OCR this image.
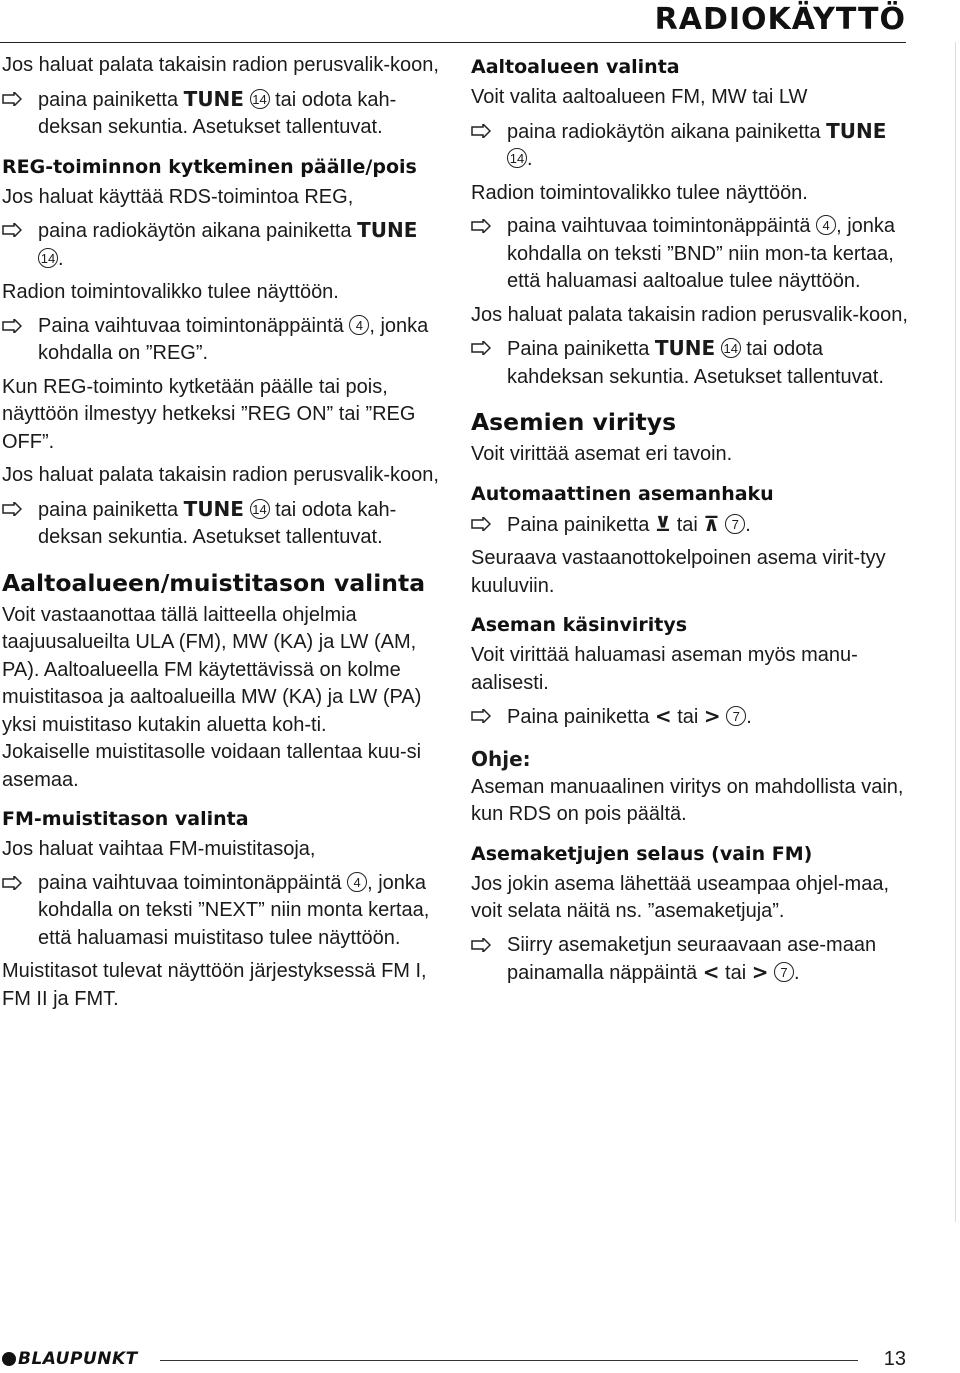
RADIOKÄYTTÖ

Jos haluat palata takaisin radion perusvalik-koon,

paina painiketta TUNE 14 tai odota kah-deksan sekuntia. Asetukset tallentuvat.
REG-toiminnon kytkeminen päälle/pois

Jos haluat käyttää RDS-toimintoa REG,

paina radiokäytön aikana painiketta TUNE 14 .

Radion toimintovalikko tulee näyttöön.

Paina vaihtuvaa toimintonäppäintä 4 , jonka kohdalla on ”REG”.

Kun REG-toiminto kytketään päälle tai pois, näyttöön ilmestyy hetkeksi ”REG ON” tai ”REG OFF”.

Jos haluat palata takaisin radion perusvalik-koon,

paina painiketta TUNE 14 tai odota kah-deksan sekuntia. Asetukset tallentuvat.
Aaltoalueen/muistitason valinta

Voit vastaanottaa tällä laitteella ohjelmia taajuusalueilta ULA (FM), MW (KA) ja LW (AM, PA). Aaltoalueella FM käytettävissä on kolme muistitasoa ja aaltoalueilla MW (KA) ja LW (PA) yksi muistitaso kutakin aluetta koh-ti.

Jokaiselle muistitasolle voidaan tallentaa kuu-si asemaa.

FM-muistitason valinta

Jos haluat vaihtaa FM-muistitasoja,

paina vaihtuvaa toimintonäppäintä 4 , jonka kohdalla on teksti ”NEXT” niin monta kertaa, että haluamasi muistitaso tulee näyttöön.

Muistitasot tulevat näyttöön järjestyksessä FM I, FM II ja FMT.

Aaltoalueen valinta

Voit valita aaltoalueen FM, MW tai LW

paina radiokäytön aikana painiketta TUNE 14 .

Radion toimintovalikko tulee näyttöön.

paina vaihtuvaa toimintonäppäintä 4 , jonka kohdalla on teksti ”BND” niin mon-ta kertaa, että haluamasi aaltoalue tulee näyttöön.

Jos haluat palata takaisin radion perusvalik-koon,

Paina painiketta TUNE 14 tai odota kahdeksan sekuntia. Asetukset tallentuvat.
Asemien viritys

Voit virittää asemat eri tavoin.

Automaattinen asemanhaku
Paina painiketta ⊻ tai ⊼ 7 .

Seuraava vastaanottokelpoinen asema virit-tyy kuuluviin.

Aseman käsinviritys

Voit virittää haluamasi aseman myös manu-aalisesti.

Paina painiketta < tai > 7 .
Ohje:

Aseman manuaalinen viritys on mahdollista vain, kun RDS on pois päältä.

Asemaketjujen selaus (vain FM)

Jos jokin asema lähettää useampaa ohjel-maa, voit selata näitä ns. ”asemaketjuja”.

Siirry asemaketjun seuraavaan ase-maan painamalla näppäintä < tai > 7 .
BLAUPUNKT	13
